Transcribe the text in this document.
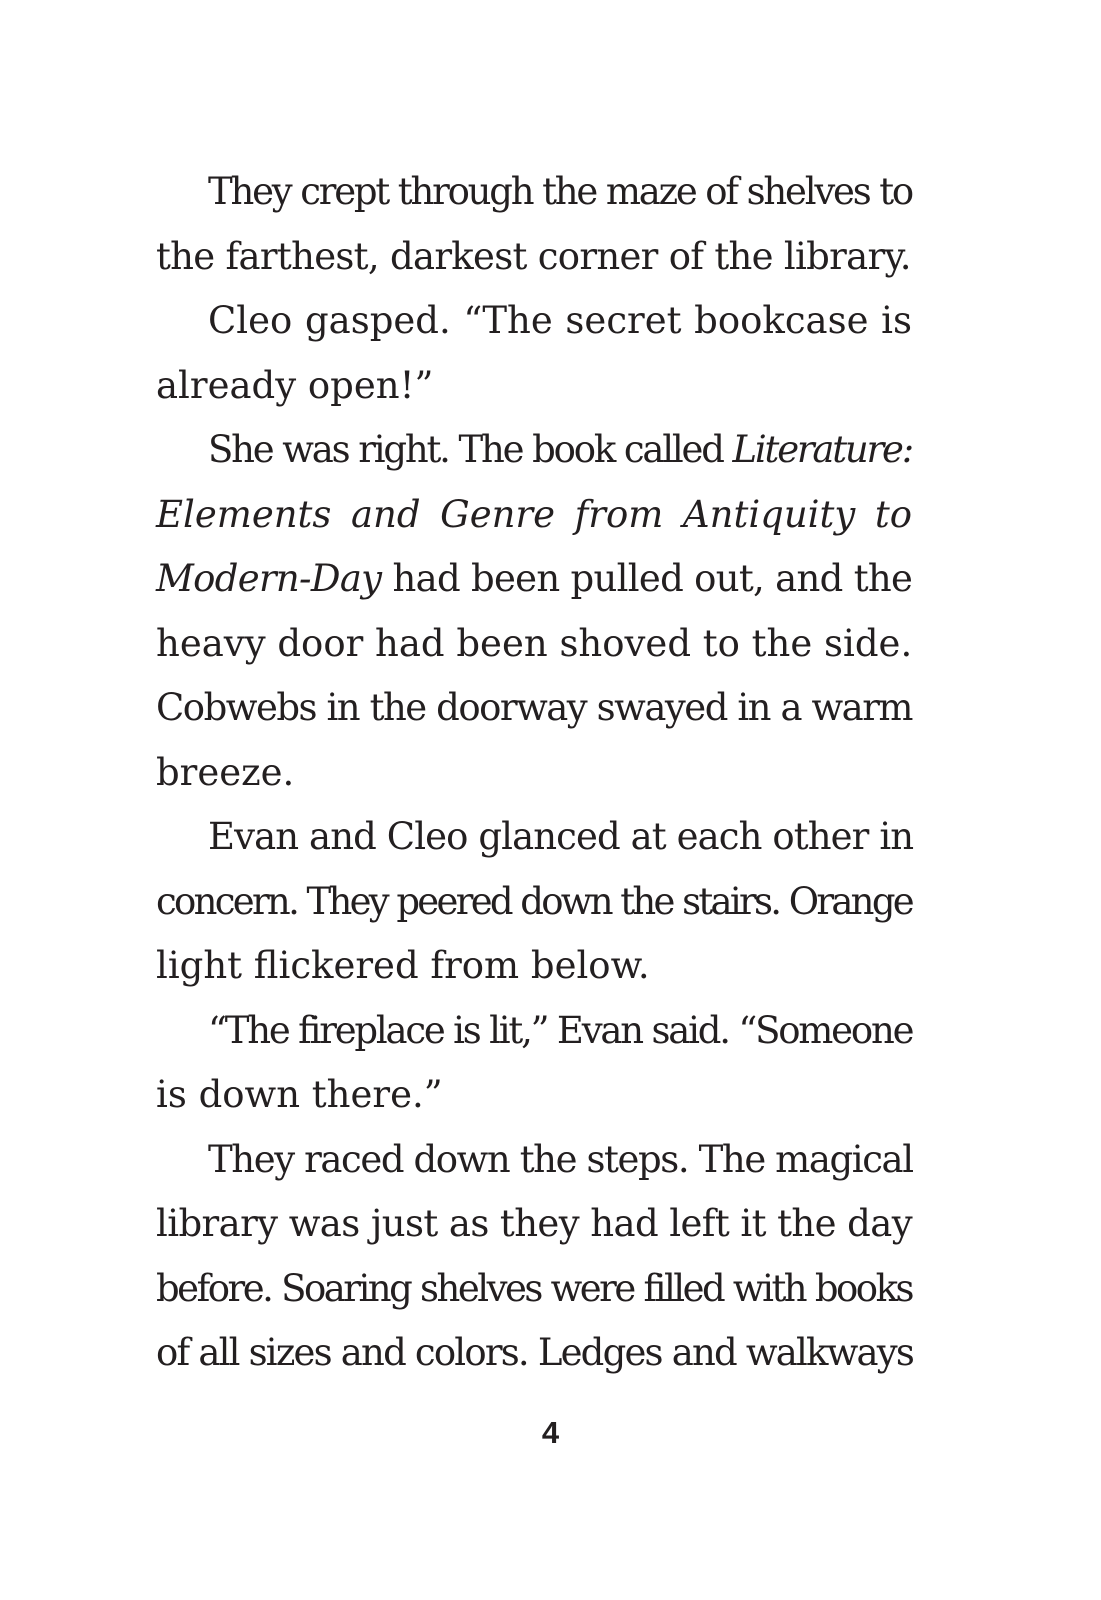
They crept through the maze of shelves to
the farthest, darkest corner of the library.
Cleo gasped. “The secret bookcase is
already open!”
She was right. The book called Literature:
Elements and Genre from Antiquity to
Modern-Day had been pulled out, and the
heavy door had been shoved to the side.
Cobwebs in the doorway swayed in a warm
breeze.
Evan and Cleo glanced at each other in
concern. They peered down the stairs. Orange
light flickered from below.
“The fireplace is lit,” Evan said. “Someone
is down there.”
They raced down the steps. The magical
library was just as they had left it the day
before. Soaring shelves were filled with books
of all sizes and colors. Ledges and walkways
4
